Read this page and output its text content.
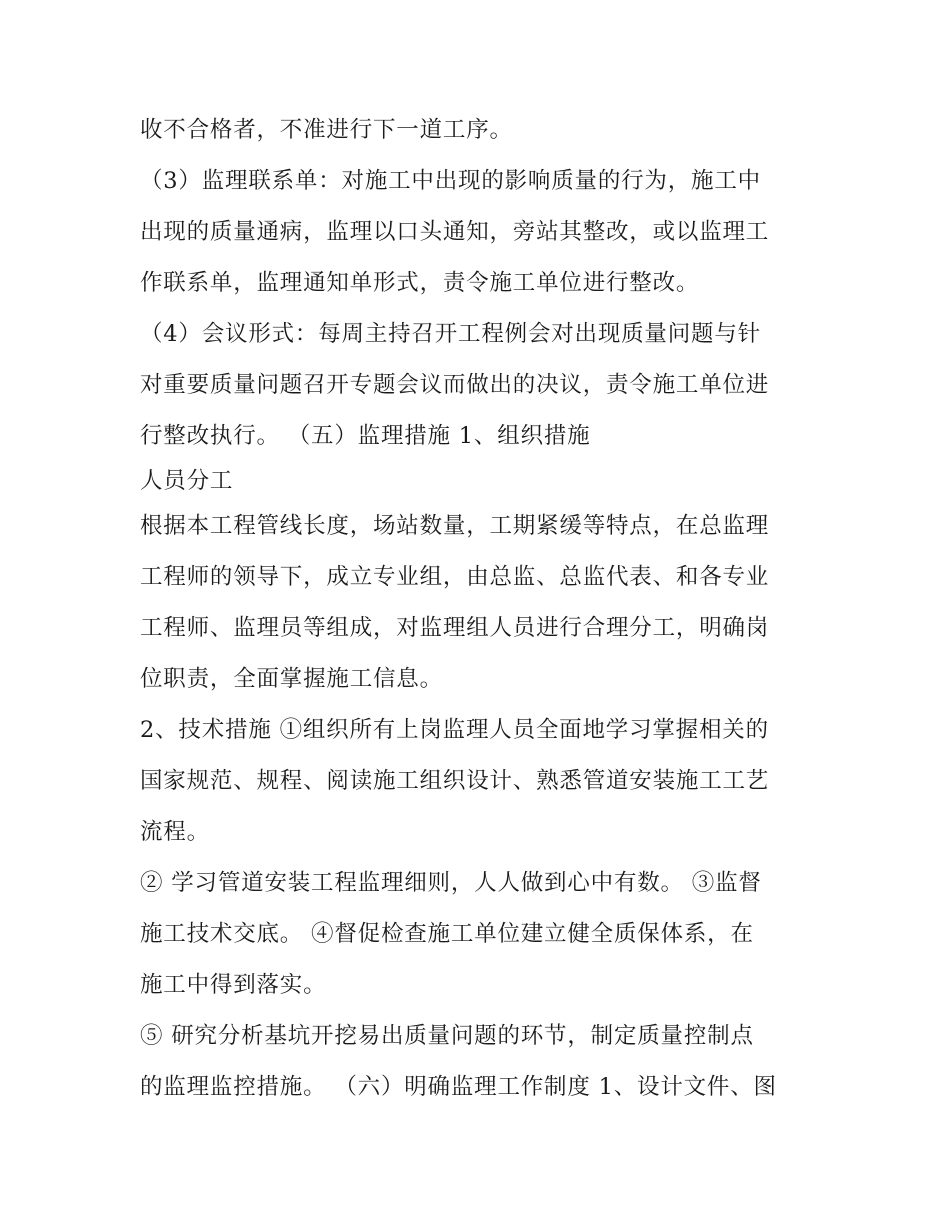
收不合格者，不准进行下一道工序。
（3）监理联系单：对施工中出现的影响质量的行为，施工中
出现的质量通病，监理以口头通知，旁站其整改，或以监理工
作联系单，监理通知单形式，责令施工单位进行整改。
（4）会议形式：每周主持召开工程例会对出现质量问题与针
对重要质量问题召开专题会议而做出的决议，责令施工单位进
行整改执行。 （五）监理措施 1、组织措施
人员分工
根据本工程管线长度，场站数量，工期紧缓等特点，在总监理
工程师的领导下，成立专业组，由总监、总监代表、和各专业
工程师、监理员等组成，对监理组人员进行合理分工，明确岗
位职责，全面掌握施工信息。
2、技术措施 ①组织所有上岗监理人员全面地学习掌握相关的
国家规范、规程、阅读施工组织设计、熟悉管道安装施工工艺
流程。
② 学习管道安装工程监理细则，人人做到心中有数。 ③监督
施工技术交底。 ④督促检查施工单位建立健全质保体系，在
施工中得到落实。
⑤ 研究分析基坑开挖易出质量问题的环节，制定质量控制点
的监理监控措施。 （六）明确监理工作制度 1、设计文件、图
